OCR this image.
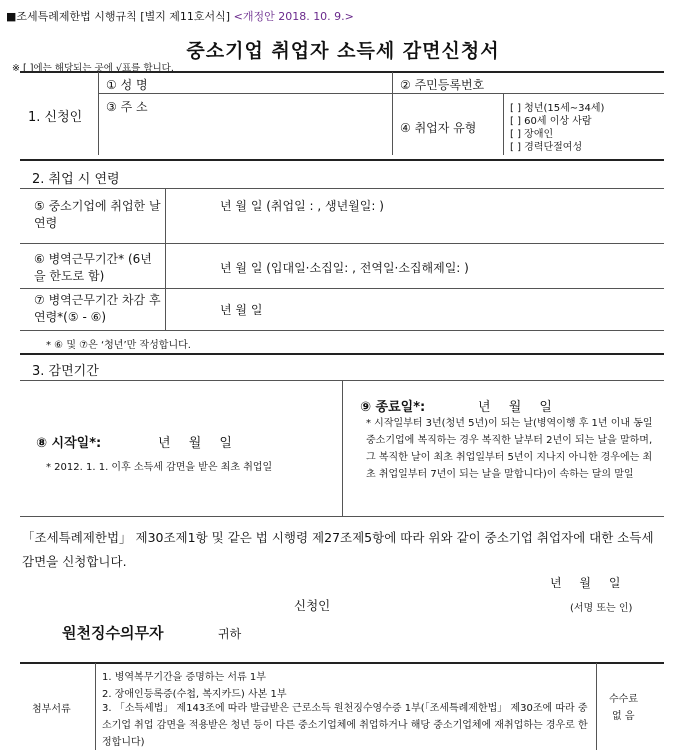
■조세특례제한법 시행규칙 [별지 제11호서식] <개정안 2018. 10. 9.>
중소기업 취업자 소득세 감면신청서
※ [ ]에는 해당되는 곳에 √표를 합니다.
1. 신청인
① 성 명	② 주민등록번호
③ 주 소
④ 취업자 유형
[ ] 청년(15세∼34세)
[ ] 60세 이상 사람
[ ] 장애인
[ ] 경력단절여성
2. 취업 시 연령
⑤ 중소기업에 취업한 날 연령
년 월 일 (취업일 : , 생년월일: )
⑥ 병역근무기간* (6년을 한도로 함)
년 월 일 (입대일·소집일: , 전역일·소집해제일: )
⑦ 병역근무기간 차감 후 연령*(⑤ - ⑥)	년 월 일
* ⑥ 및 ⑦은 ‘청년’만 작성합니다.
3. 감면기간
⑧ 시작일*:	년 월 일
* 2012. 1. 1. 이후 소득세 감면을 받은 최초 취업일
⑨ 종료일*:	년 월 일
* 시작일부터 3년(청년 5년)이 되는 날(병역이행 후 1년 이내 동일 중소기업에 복직하는 경우 복직한 날부터 2년이 되는 날을 말하며, 그 복직한 날이 최초 취업일부터 5년이 지나지 아니한 경우에는 최초 취업일부터 7년이 되는 날을 말합니다)이 속하는 달의 말일
「조세특례제한법」 제30조제1항 및 같은 법 시행령 제27조제5항에 따라 위와 같이 중소기업 취업자에 대한 소득세 감면을 신청합니다.
년 월 일
신청인	(서명 또는 인)
원천징수의무자	귀하
첨부서류
1. 병역복무기간을 증명하는 서류 1부
2. 장애인등록증(수첩, 복지카드) 사본 1부
3. 「소득세법」 제143조에 따라 발급받은 근로소득 원천징수영수증 1부(「조세특례제한법」 제30조에 따라 중소기업 취업 감면을 적용받은 청년 등이 다른 중소기업체에 취업하거나 해당 중소기업체에 재취업하는 경우로 한정합니다)
수수료
없 음
